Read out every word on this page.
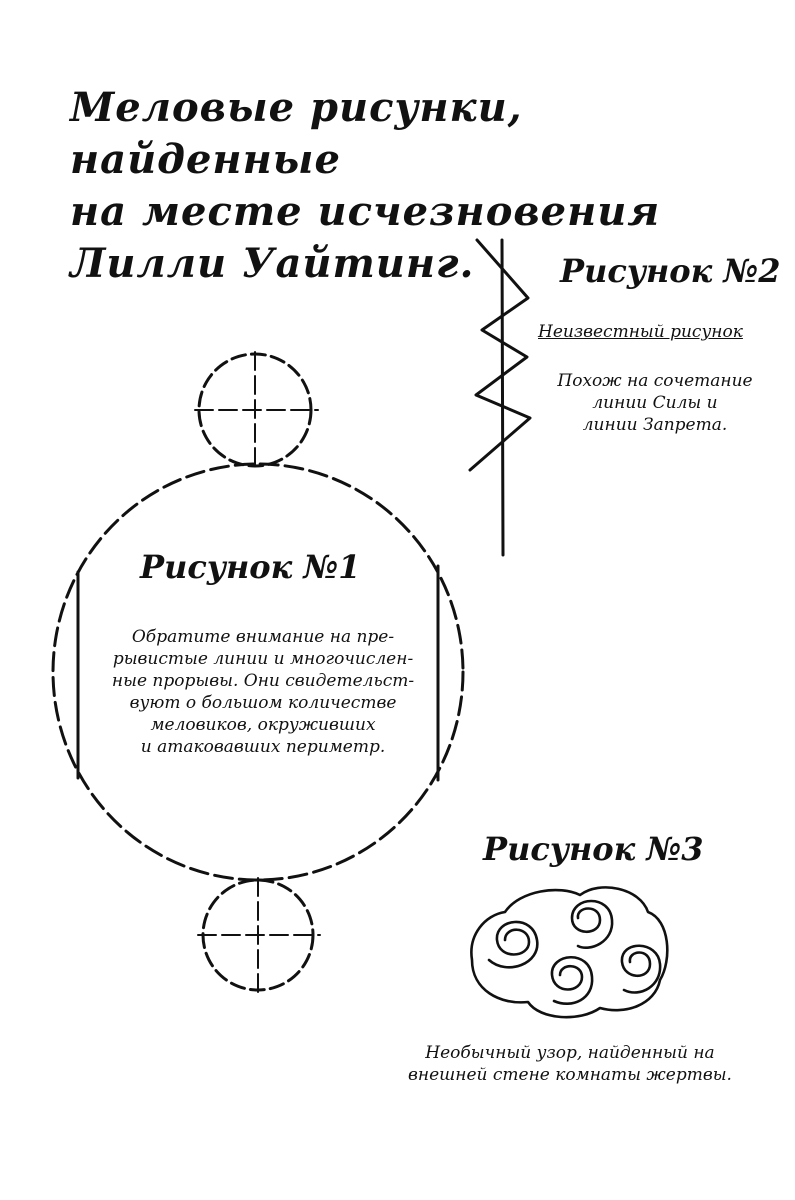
Меловые рисунки, найденные
на месте исчезновения
Лилли Уайтинг.
Рисунок №1
Обратите внимание на пре-
рывистые линии и многочислен-
ные прорывы. Они свидетельст-
вуют о большом количестве
меловиков, окруживших
и атаковавших периметр.
Рисунок №2
Неизвестный рисунок
Похож на сочетание
линии Силы и
линии Запрета.
Рисунок №3
Необычный узор, найденный на
внешней стене комнаты жертвы.
